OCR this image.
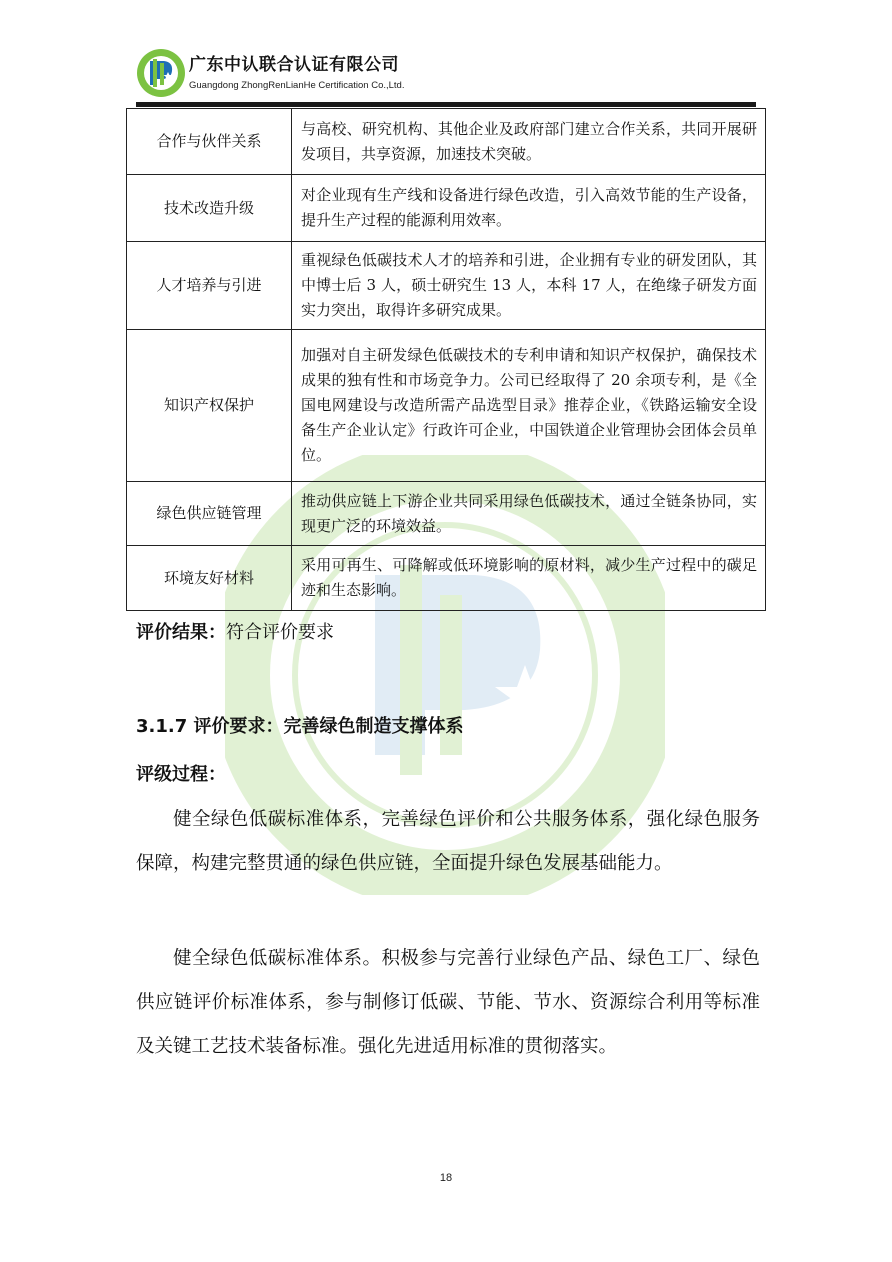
广东中认联合认证有限公司
Guangdong ZhongRenLianHe Certification Co.,Ltd.
合作与伙伴关系	与高校、研究机构、其他企业及政府部门建立合作关系，共同开展研发项目，共享资源，加速技术突破。
技术改造升级	对企业现有生产线和设备进行绿色改造，引入高效节能的生产设备，提升生产过程的能源利用效率。
人才培养与引进	重视绿色低碳技术人才的培养和引进，企业拥有专业的研发团队，其中博士后 3 人，硕士研究生 13 人，本科 17 人，在绝缘子研发方面实力突出，取得许多研究成果。
知识产权保护	加强对自主研发绿色低碳技术的专利申请和知识产权保护，确保技术成果的独有性和市场竞争力。公司已经取得了 20 余项专利，是《全国电网建设与改造所需产品选型目录》推荐企业，《铁路运输安全设备生产企业认定》行政许可企业，中国铁道企业管理协会团体会员单位。
绿色供应链管理	推动供应链上下游企业共同采用绿色低碳技术，通过全链条协同，实现更广泛的环境效益。
环境友好材料	采用可再生、可降解或低环境影响的原材料，减少生产过程中的碳足迹和生态影响。
评价结果：符合评价要求
3.1.7 评价要求：完善绿色制造支撑体系
评级过程：

健全绿色低碳标准体系，完善绿色评价和公共服务体系，强化绿色服务保障，构建完整贯通的绿色供应链，全面提升绿色发展基础能力。

健全绿色低碳标准体系。积极参与完善行业绿色产品、绿色工厂、绿色供应链评价标准体系，参与制修订低碳、节能、节水、资源综合利用等标准及关键工艺技术装备标准。强化先进适用标准的贯彻落实。

18
